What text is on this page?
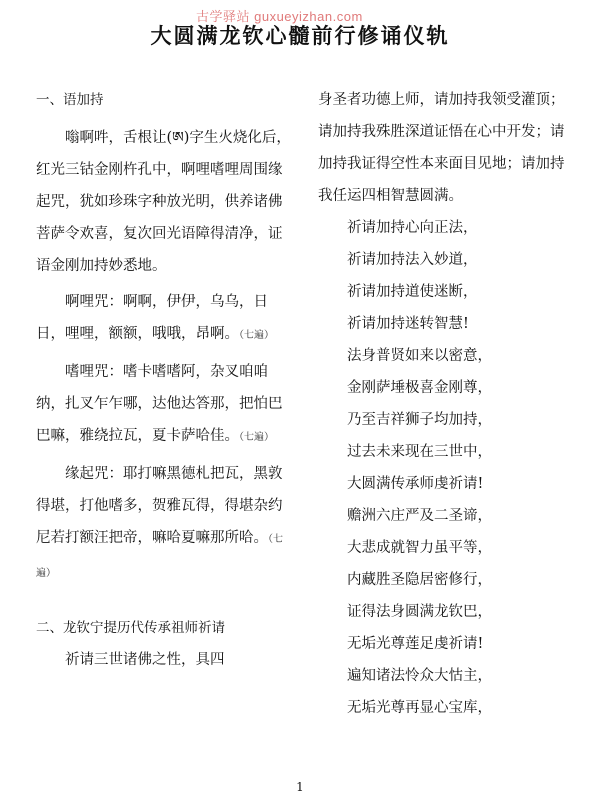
古学驿站 guxueyizhan.com
大圆满龙钦心髓前行修诵仪轨
一、语加持

嗡啊吽，舌根让(ཨ)字生火烧化后，红光三钴金刚杵孔中，啊哩嗜哩周围缘起咒，犹如珍珠字种放光明，供养诸佛菩萨令欢喜，复次回光语障得清净，证语金刚加持妙悉地。

啊哩咒：啊啊，伊伊，乌乌，日日，哩哩，额额，哦哦，昂啊。（七遍）

嗜哩咒：嗜卡嗜嗜阿，杂叉咱咱纳，扎叉乍乍哪，达他达答那，把怕巴巴嘛，雅绕拉瓦，夏卡萨哈佳。（七遍）

缘起咒：耶打嘛黑德札把瓦，黑敦得堪，打他嗜多，贺雅瓦得，得堪杂约尼若打额汪把帝，嘛哈夏嘛那所哈。（七遍）

二、龙钦宁提历代传承祖师祈请

祈请三世诸佛之性，具四

身圣者功德上师，请加持我领受灌顶；请加持我殊胜深道证悟在心中开发；请加持我证得空性本来面目见地；请加持我任运四相智慧圆满。

祈请加持心向正法，
祈请加持法入妙道，
祈请加持道使迷断，
祈请加持迷转智慧!
法身普贤如来以密意，
金刚萨埵极喜金刚尊，
乃至吉祥狮子均加持，
过去未来现在三世中，
大圆满传承师虔祈请!
赡洲六庄严及二圣谛，
大悲成就智力虽平等，
内藏胜圣隐居密修行，
证得法身圆满龙钦巴，
无垢光尊莲足虔祈请!
遍知诸法怜众大怙主，
无垢光尊再显心宝库，
1
